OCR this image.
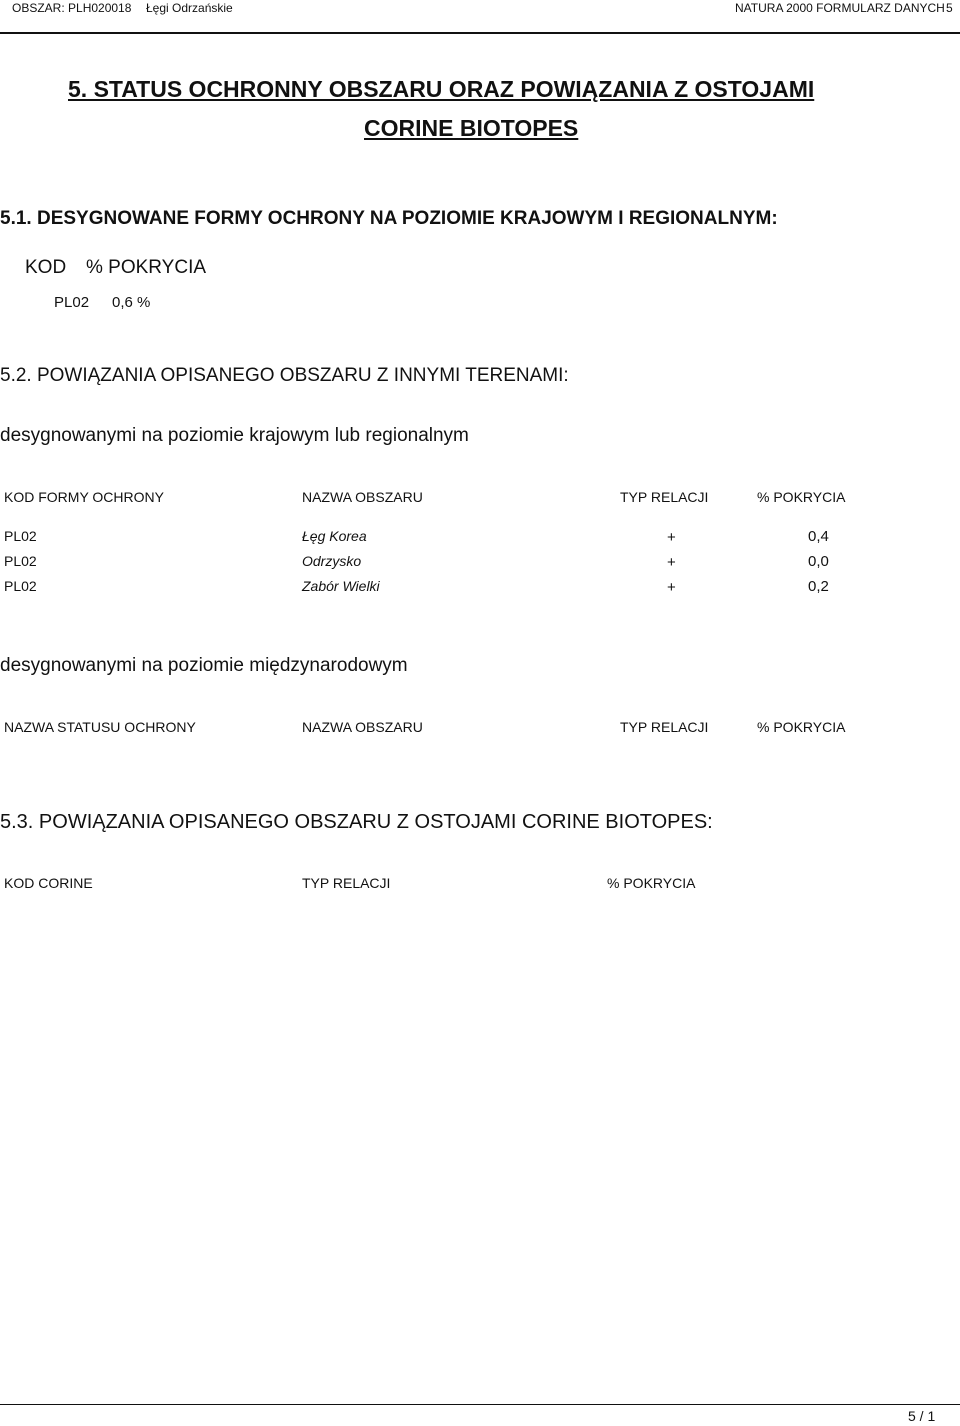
OBSZAR: PLH020018 Łęgi Odrzańskie	NATURA 2000 FORMULARZ DANYCH 5
5. STATUS OCHRONNY OBSZARU ORAZ POWIĄZANIA Z OSTOJAMI
CORINE BIOTOPES
5.1. DESYGNOWANE FORMY OCHRONY NA POZIOMIE KRAJOWYM I REGIONALNYM:
KOD % POKRYCIA
PL02 0,6 %
5.2. POWIĄZANIA OPISANEGO OBSZARU Z INNYMI TERENAMI:
desygnowanymi na poziomie krajowym lub regionalnym
KOD FORMY OCHRONY	NAZWA OBSZARU	TYP RELACJI	% POKRYCIA
PL02	Łęg Korea	+	0,4
PL02	Odrzysko	+	0,0
PL02	Zabór Wielki	+	0,2
desygnowanymi na poziomie międzynarodowym
NAZWA STATUSU OCHRONY	NAZWA OBSZARU	TYP RELACJI	% POKRYCIA
5.3. POWIĄZANIA OPISANEGO OBSZARU Z OSTOJAMI CORINE BIOTOPES:
KOD CORINE	TYP RELACJI	% POKRYCIA
5 / 1
